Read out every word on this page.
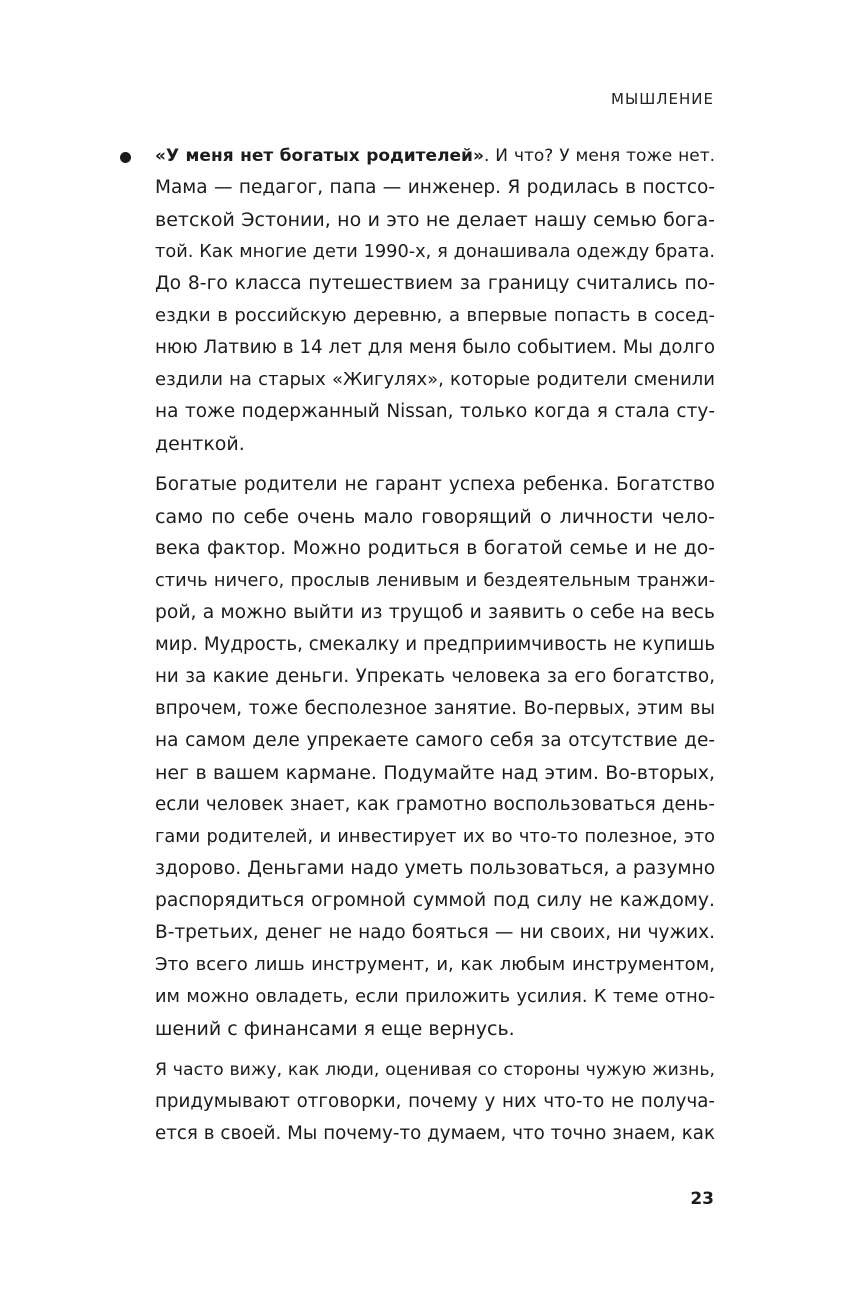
МЫШЛЕНИЕ
«У меня нет богатых родителей». И что? У меня тоже нет.
Мама — педагог, папа — инженер. Я родилась в постсо-
ветской Эстонии, но и это не делает нашу семью бога-
той. Как многие дети 1990-х, я донашивала одежду брата.
До 8-го класса путешествием за границу считались по-
ездки в российскую деревню, а впервые попасть в сосед-
нюю Латвию в 14 лет для меня было событием. Мы долго
ездили на старых «Жигулях», которые родители сменили
на тоже подержанный Nissan, только когда я стала сту-
денткой.
Богатые родители не гарант успеха ребенка. Богатство
само по себе очень мало говорящий о личности чело-
века фактор. Можно родиться в богатой семье и не до-
стичь ничего, прослыв ленивым и бездеятельным транжи-
рой, а можно выйти из трущоб и заявить о себе на весь
мир. Мудрость, смекалку и предприимчивость не купишь
ни за какие деньги. Упрекать человека за его богатство,
впрочем, тоже бесполезное занятие. Во-первых, этим вы
на самом деле упрекаете самого себя за отсутствие де-
нег в вашем кармане. Подумайте над этим. Во-вторых,
если человек знает, как грамотно воспользоваться день-
гами родителей, и инвестирует их во что-то полезное, это
здорово. Деньгами надо уметь пользоваться, а разумно
распорядиться огромной суммой под силу не каждому.
В-третьих, денег не надо бояться — ни своих, ни чужих.
Это всего лишь инструмент, и, как любым инструментом,
им можно овладеть, если приложить усилия. К теме отно-
шений с финансами я еще вернусь.
Я часто вижу, как люди, оценивая со стороны чужую жизнь,
придумывают отговорки, почему у них что-то не получа-
ется в своей. Мы почему-то думаем, что точно знаем, как
23
